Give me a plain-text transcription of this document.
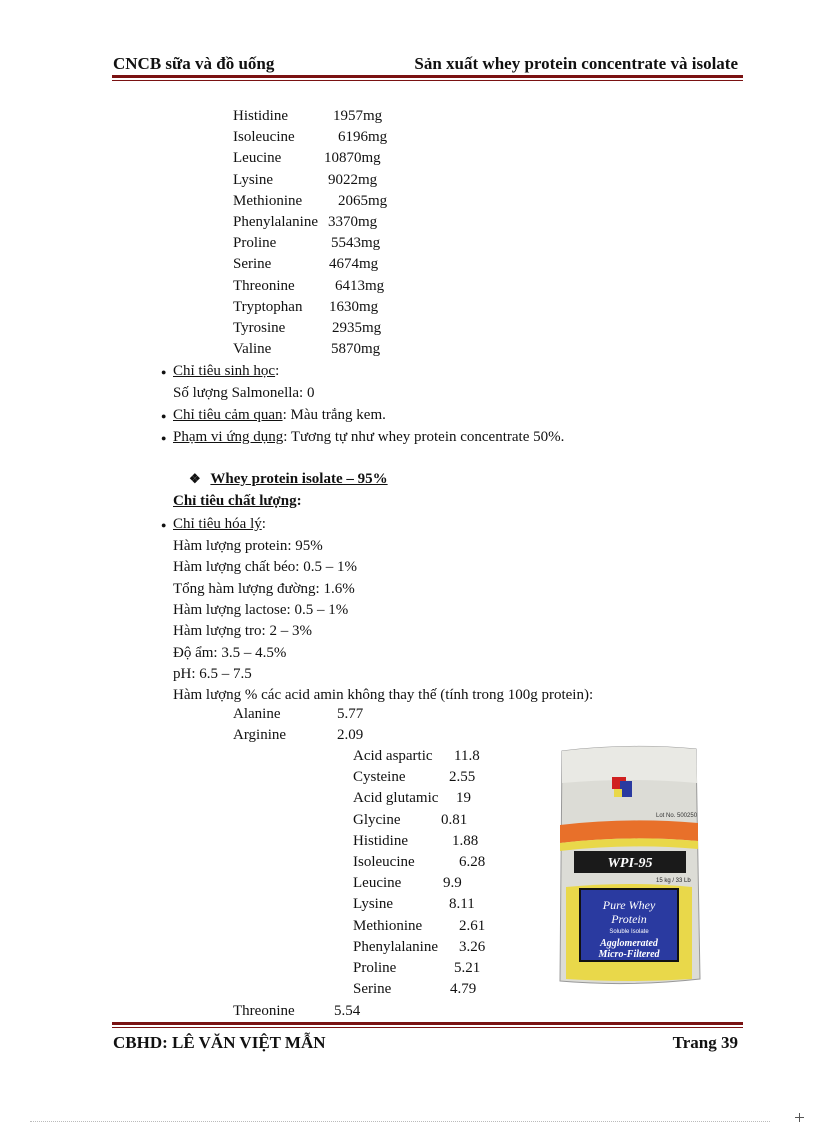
CNCB sữa và đồ uống	Sản xuất whey protein concentrate và isolate
Histidine	1957mg
Isoleucine	6196mg
Leucine	10870mg
Lysine	9022mg
Methionine 2065mg
Phenylalanine 3370mg
Proline	5543mg
Serine	4674mg
Threonine	6413mg
Tryptophan 1630mg
Tyrosine	2935mg
Valine	5870mg
● Chỉ tiêu sinh học:
Số lượng Salmonella: 0
● Chỉ tiêu cảm quan: Màu trắng kem.
● Phạm vi ứng dụng: Tương tự như whey protein concentrate 50%.
❖ Whey protein isolate – 95%
Chỉ tiêu chất lượng:
● Chỉ tiêu hóa lý:
Hàm lượng protein: 95%
Hàm lượng chất béo: 0.5 – 1%
Tổng hàm lượng đường: 1.6%
Hàm lượng lactose: 0.5 – 1%
Hàm lượng tro: 2 – 3%
Độ ẩm: 3.5 – 4.5%
pH: 6.5 – 7.5
Hàm lượng % các acid amin không thay thế (tính trong 100g protein):
Alanine	5.77
Arginine	2.09
Acid aspartic 11.8
Cysteine	2.55
Acid glutamic 19
Glycine	0.81
Histidine	1.88
Isoleucine	6.28
Leucine	9.9
Lysine	8.11
Methionine 2.61
Phenylalanine 3.26
Proline	5.21
Serine	4.79
Threonine	5.54
Lot No. 500250
WPI-95
15 kg / 33 Lb
Pure Whey
Protein
Soluble Isolate
Agglomerated
Micro-Filtered
CBHD: LÊ VĂN VIỆT MẪN	Trang 39
